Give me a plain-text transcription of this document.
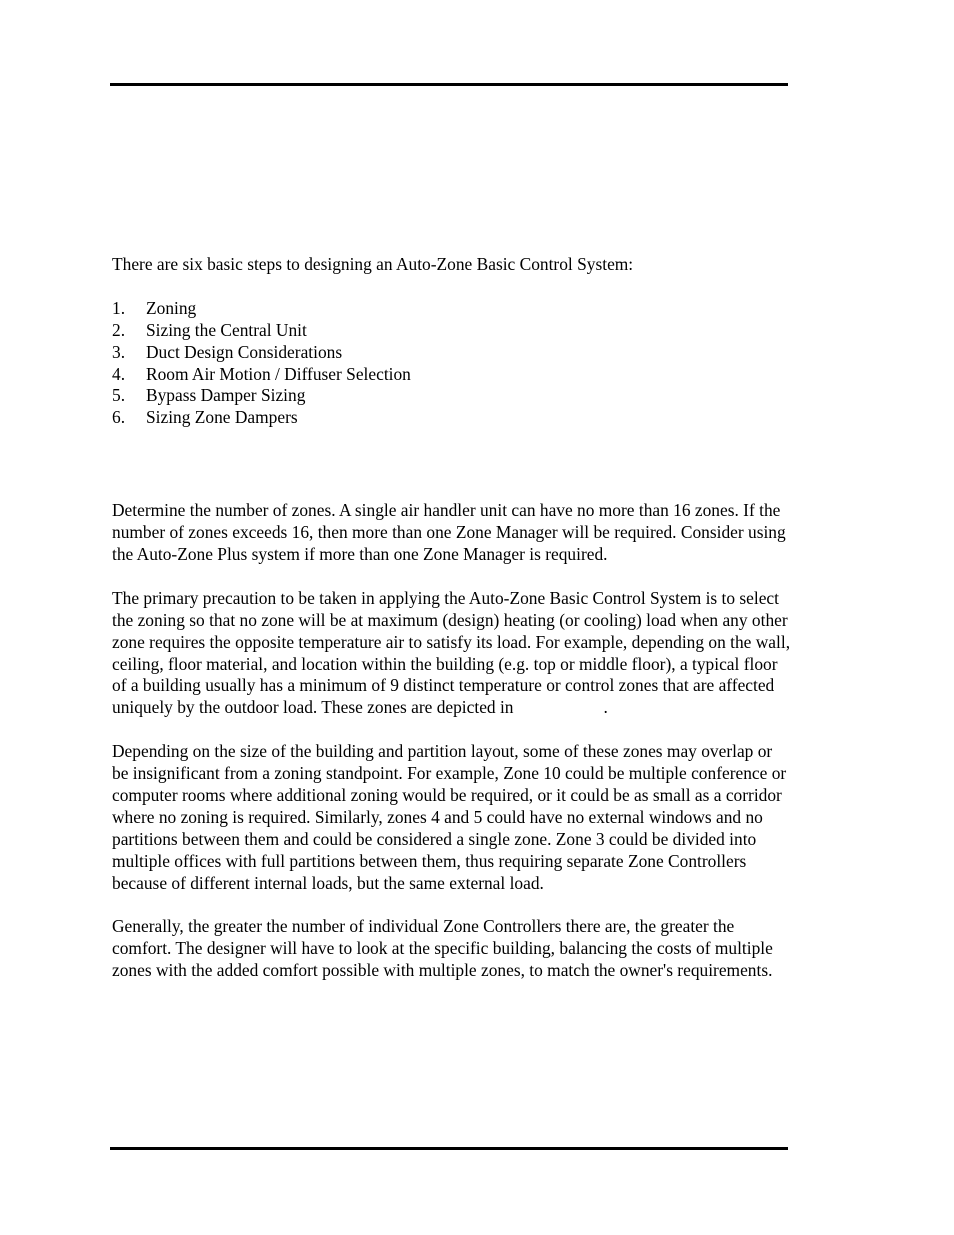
There are six basic steps to designing an Auto-Zone Basic Control System:

1.	Zoning
2.	Sizing the Central Unit
3.	Duct Design Considerations
4.	Room Air Motion / Diffuser Selection
5.	Bypass Damper Sizing
6.	Sizing Zone Dampers

Determine the number of zones. A single air handler unit can have no more than 16 zones. If the number of zones exceeds 16, then more than one Zone Manager will be required. Consider using the Auto-Zone Plus system if more than one Zone Manager is required.

The primary precaution to be taken in applying the Auto-Zone Basic Control System is to select the zoning so that no zone will be at maximum (design) heating (or cooling) load when any other zone requires the opposite temperature air to satisfy its load. For example, depending on the wall, ceiling, floor material, and location within the building (e.g. top or middle floor), a typical floor of a building usually has a minimum of 9 distinct temperature or control zones that are affected uniquely by the outdoor load. These zones are depicted in	.

Depending on the size of the building and partition layout, some of these zones may overlap or be insignificant from a zoning standpoint. For example, Zone 10 could be multiple conference or computer rooms where additional zoning would be required, or it could be as small as a corridor where no zoning is required. Similarly, zones 4 and 5 could have no external windows and no partitions between them and could be considered a single zone. Zone 3 could be divided into multiple offices with full partitions between them, thus requiring separate Zone Controllers because of different internal loads, but the same external load.

Generally, the greater the number of individual Zone Controllers there are, the greater the comfort. The designer will have to look at the specific building, balancing the costs of multiple zones with the added comfort possible with multiple zones, to match the owner's requirements.
